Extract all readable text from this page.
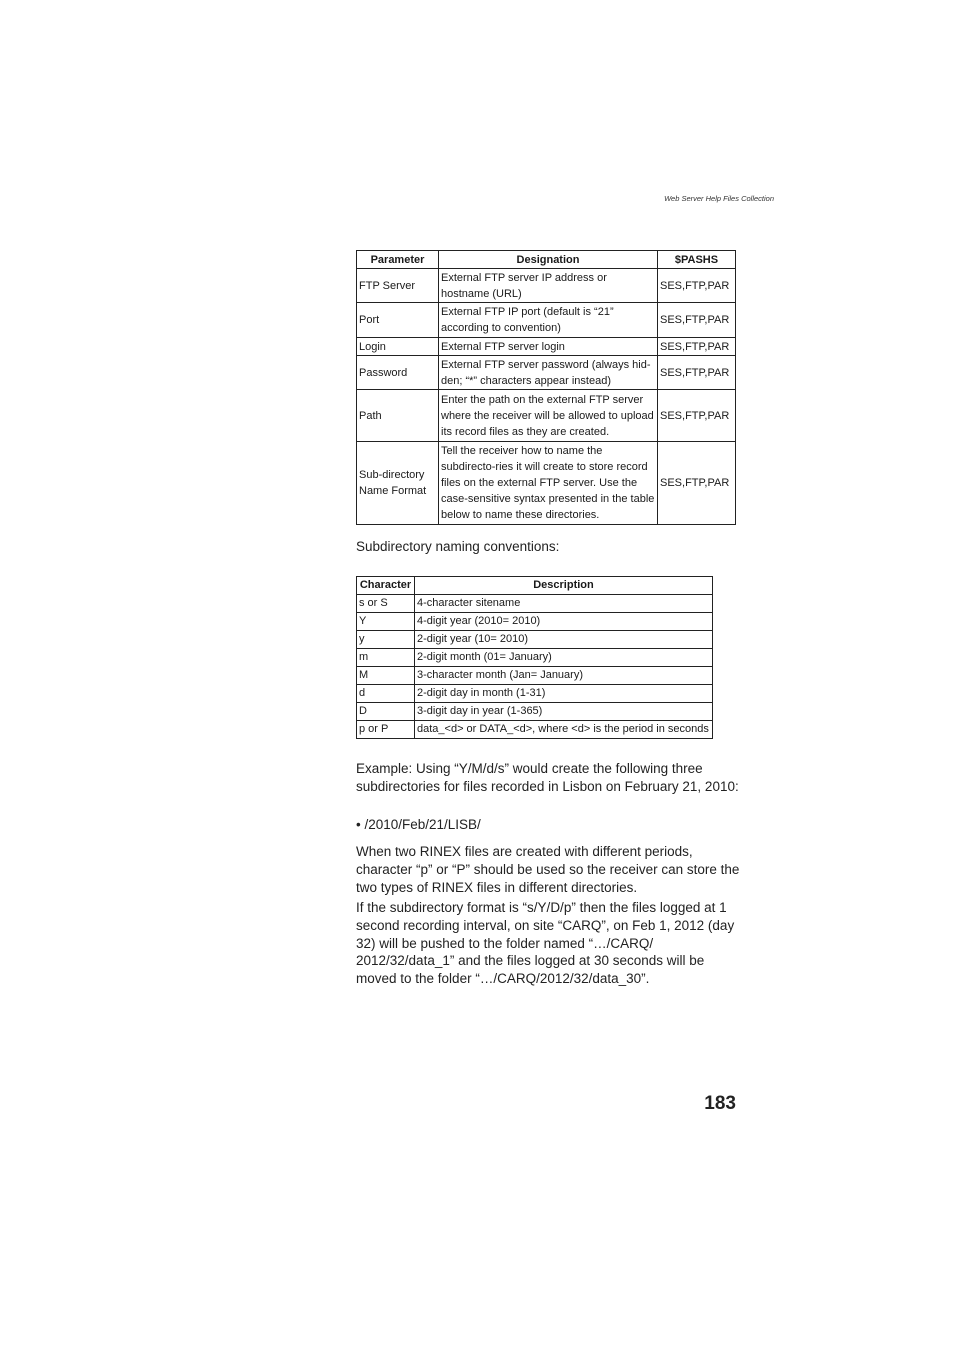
Web Server Help Files Collection
Parameter	Designation	$PASHS
FTP Server	External FTP server IP address or hostname (URL)	SES,FTP,PAR
Port	External FTP IP port (default is “21” according to convention)	SES,FTP,PAR
Login	External FTP server login	SES,FTP,PAR
Password	External FTP server password (always hid-den; “*” characters appear instead)	SES,FTP,PAR
Path	Enter the path on the external FTP server where the receiver will be allowed to upload its record files as they are created.	SES,FTP,PAR
Sub-directory Name Format	Tell the receiver how to name the subdirecto-ries it will create to store record files on the external FTP server. Use the case-sensitive syntax presented in the table below to name these directories.	SES,FTP,PAR

Subdirectory naming conventions:

Character	Description
s or S	4-character sitename
Y	4-digit year (2010= 2010)
y	2-digit year (10= 2010)
m	2-digit month (01= January)
M	3-character month (Jan= January)
d	2-digit day in month (1-31)
D	3-digit day in year (1-365)
p or P	data_<d> or DATA_<d>, where <d> is the period in seconds

Example: Using “Y/M/d/s” would create the following three subdirectories for files recorded in Lisbon on February 21, 2010:

• /2010/Feb/21/LISB/

When two RINEX files are created with different periods, character “p” or “P” should be used so the receiver can store the two types of RINEX files in different directories.

If the subdirectory format is “s/Y/D/p” then the files logged at 1 second recording interval, on site “CARQ”, on Feb 1, 2012 (day 32) will be pushed to the folder named “…/CARQ/ 2012/32/data_1” and the files logged at 30 seconds will be moved to the folder “…/CARQ/2012/32/data_30”.

183
